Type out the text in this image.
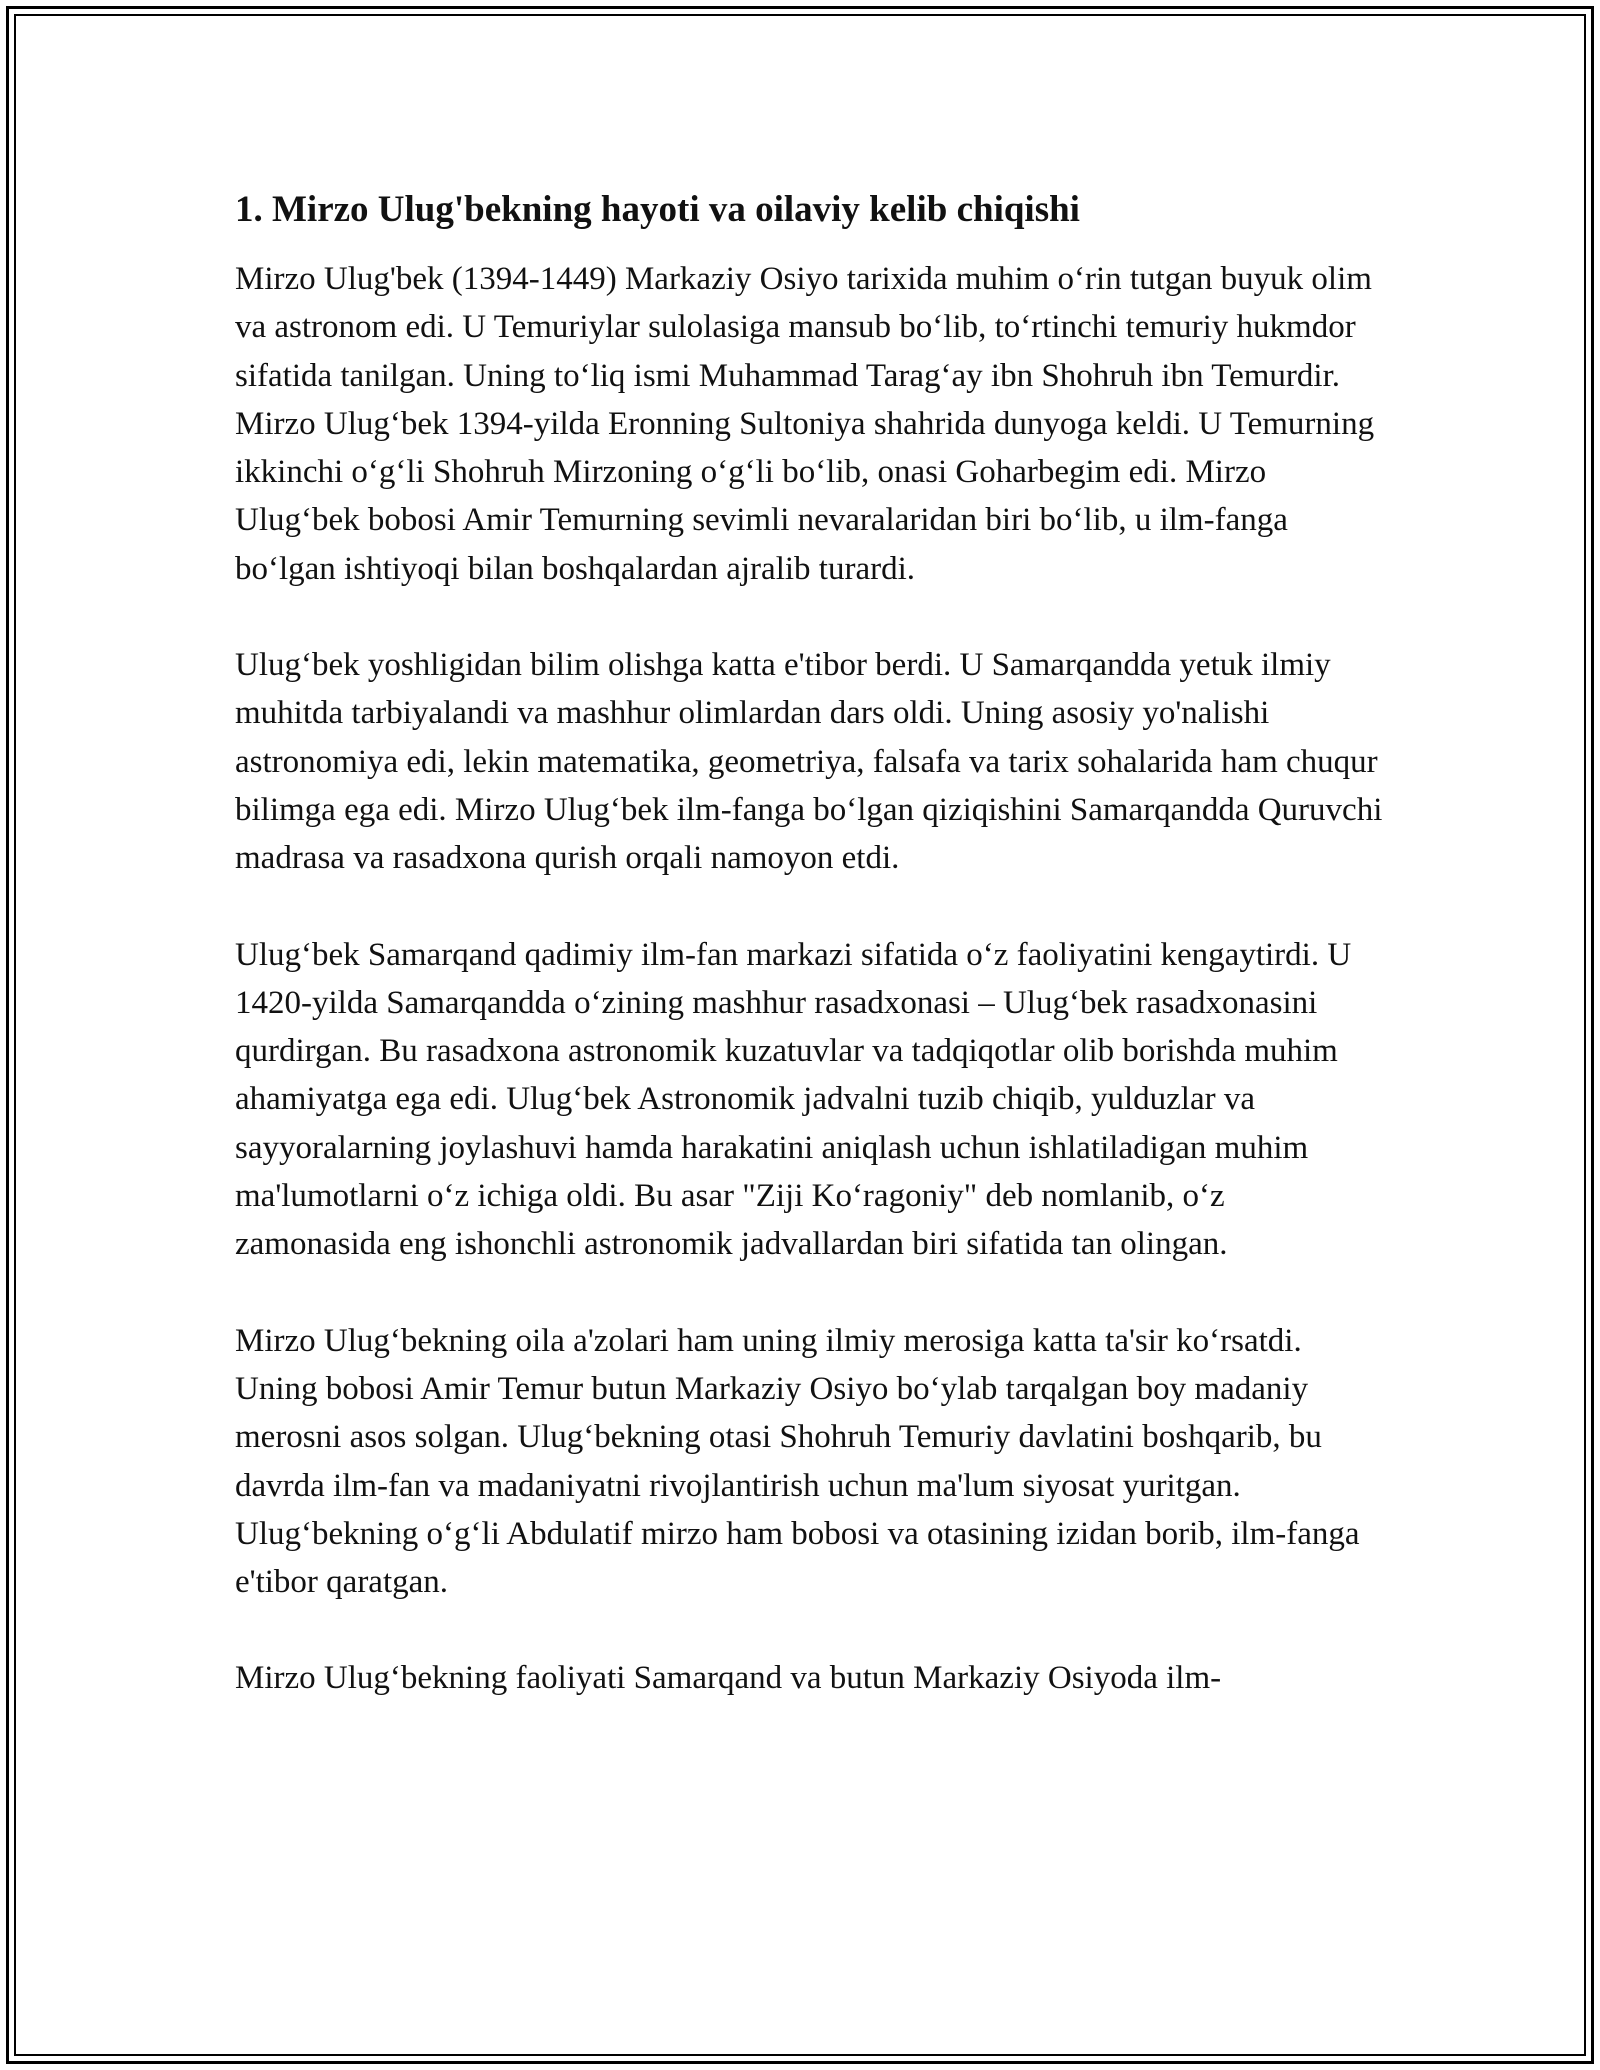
1. Mirzo Ulug'bekning hayoti va oilaviy kelib chiqishi

Mirzo Ulug'bek (1394-1449) Markaziy Osiyo tarixida muhim o‘rin tutgan buyuk olim va astronom edi. U Temuriylar sulolasiga mansub bo‘lib, to‘rtinchi temuriy hukmdor sifatida tanilgan. Uning to‘liq ismi Muhammad Tarag‘ay ibn Shohruh ibn Temurdir. Mirzo Ulug‘bek 1394-yilda Eronning Sultoniya shahrida dunyoga keldi. U Temurning ikkinchi o‘g‘li Shohruh Mirzoning o‘g‘li bo‘lib, onasi Goharbegim edi. Mirzo Ulug‘bek bobosi Amir Temurning sevimli nevaralaridan biri bo‘lib, u ilm-fanga bo‘lgan ishtiyoqi bilan boshqalardan ajralib turardi.

Ulug‘bek yoshligidan bilim olishga katta e'tibor berdi. U Samarqandda yetuk ilmiy muhitda tarbiyalandi va mashhur olimlardan dars oldi. Uning asosiy yo'nalishi astronomiya edi, lekin matematika, geometriya, falsafa va tarix sohalarida ham chuqur bilimga ega edi. Mirzo Ulug‘bek ilm-fanga bo‘lgan qiziqishini Samarqandda Quruvchi madrasa va rasadxona qurish orqali namoyon etdi.

Ulug‘bek Samarqand qadimiy ilm-fan markazi sifatida o‘z faoliyatini kengaytirdi. U 1420-yilda Samarqandda o‘zining mashhur rasadxonasi – Ulug‘bek rasadxonasini qurdirgan. Bu rasadxona astronomik kuzatuvlar va tadqiqotlar olib borishda muhim ahamiyatga ega edi. Ulug‘bek Astronomik jadvalni tuzib chiqib, yulduzlar va sayyoralarning joylashuvi hamda harakatini aniqlash uchun ishlatiladigan muhim ma'lumotlarni o‘z ichiga oldi. Bu asar "Ziji Ko‘ragoniy" deb nomlanib, o‘z zamonasida eng ishonchli astronomik jadvallardan biri sifatida tan olingan.

Mirzo Ulug‘bekning oila a'zolari ham uning ilmiy merosiga katta ta'sir ko‘rsatdi. Uning bobosi Amir Temur butun Markaziy Osiyo bo‘ylab tarqalgan boy madaniy merosni asos solgan. Ulug‘bekning otasi Shohruh Temuriy davlatini boshqarib, bu davrda ilm-fan va madaniyatni rivojlantirish uchun ma'lum siyosat yuritgan. Ulug‘bekning o‘g‘li Abdulatif mirzo ham bobosi va otasining izidan borib, ilm-fanga e'tibor qaratgan.

Mirzo Ulug‘bekning faoliyati Samarqand va butun Markaziy Osiyoda ilm-
